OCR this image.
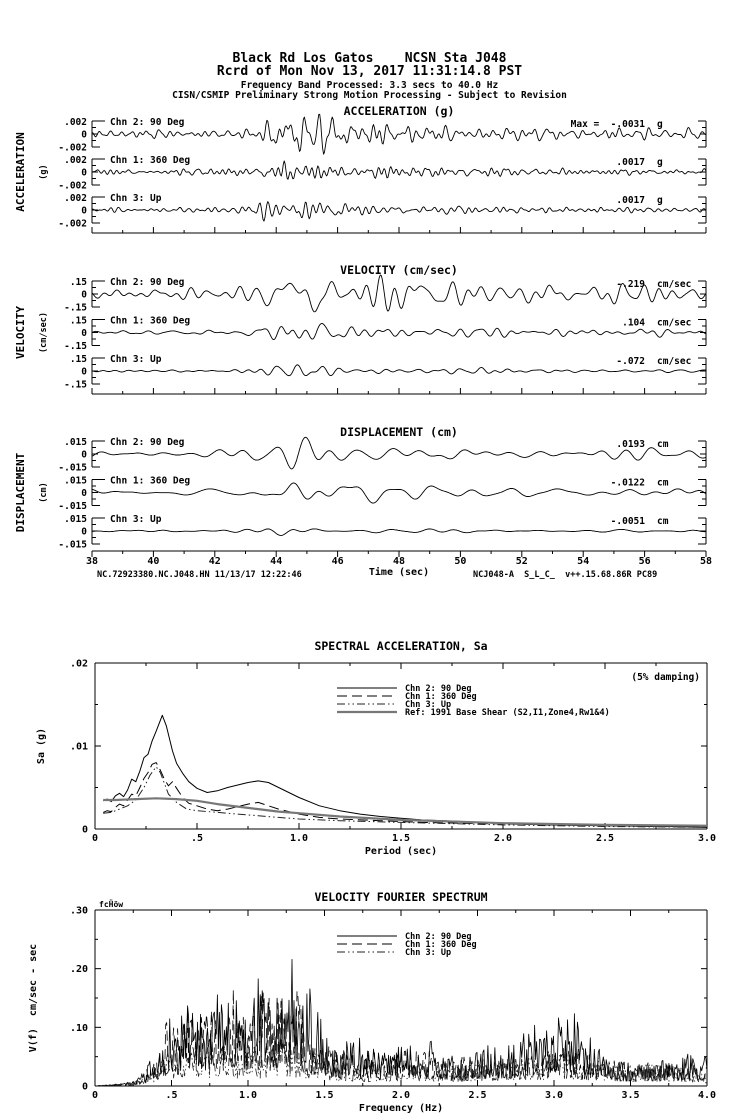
Black Rd Los Gatos    NCSN Sta J048
Rcrd of Mon Nov 13, 2017 11:31:14.8 PST
Frequency Band Processed: 3.3 secs to 40.0 Hz
CISN/CSMIP Preliminary Strong Motion Processing - Subject to Revision
ACCELERATION (g)
ACCELERATION (g)
.002
0
-.002
Chn 2: 90 Deg	Max =  -.0031 g
.002
0
-.002
Chn 1: 360 Deg	.0017 g
.002
0
-.002
Chn 3: Up	.0017 g
VELOCITY (cm/sec)
VELOCITY (cm/sec)
.15
0
-.15
Chn 2: 90 Deg	-.219 cm/sec
.15
0
-.15
Chn 1: 360 Deg	.104 cm/sec
.15
0
-.15
Chn 3: Up	-.072 cm/sec
DISPLACEMENT (cm)
DISPLACEMENT (cm)
.015
0
-.015
Chn 2: 90 Deg	.0193 cm
.015
0
-.015
Chn 1: 360 Deg	-.0122 cm
.015
0
-.015
Chn 3: Up	-.0051 cm
38	40	42	44	46	48	50	52	54	56	58
Time (sec)
NC.72923380.NC.J048.HN 11/13/17 12:22:46	NCJ048-A  S_L_C_  v++.15.68.86R PC89
SPECTRAL ACCELERATION, Sa
(5% damping)
.02
.01
0
0	.5	1.0	1.5	2.0	2.5	3.0
Period (sec)
Sa (g)
Chn 2: 90 Deg
Chn 1: 360 Deg
Chn 3: Up
Ref: 1991 Base Shear (S2,I1,Zone4,Rw1&4)
VELOCITY FOURIER SPECTRUM
fcḦöw
.30
.20
.10
0
0	.5	1.0	1.5	2.0	2.5	3.0	3.5	4.0
Frequency (Hz)
V(f)  cm/sec - sec
Chn 2: 90 Deg
Chn 1: 360 Deg
Chn 3: Up
